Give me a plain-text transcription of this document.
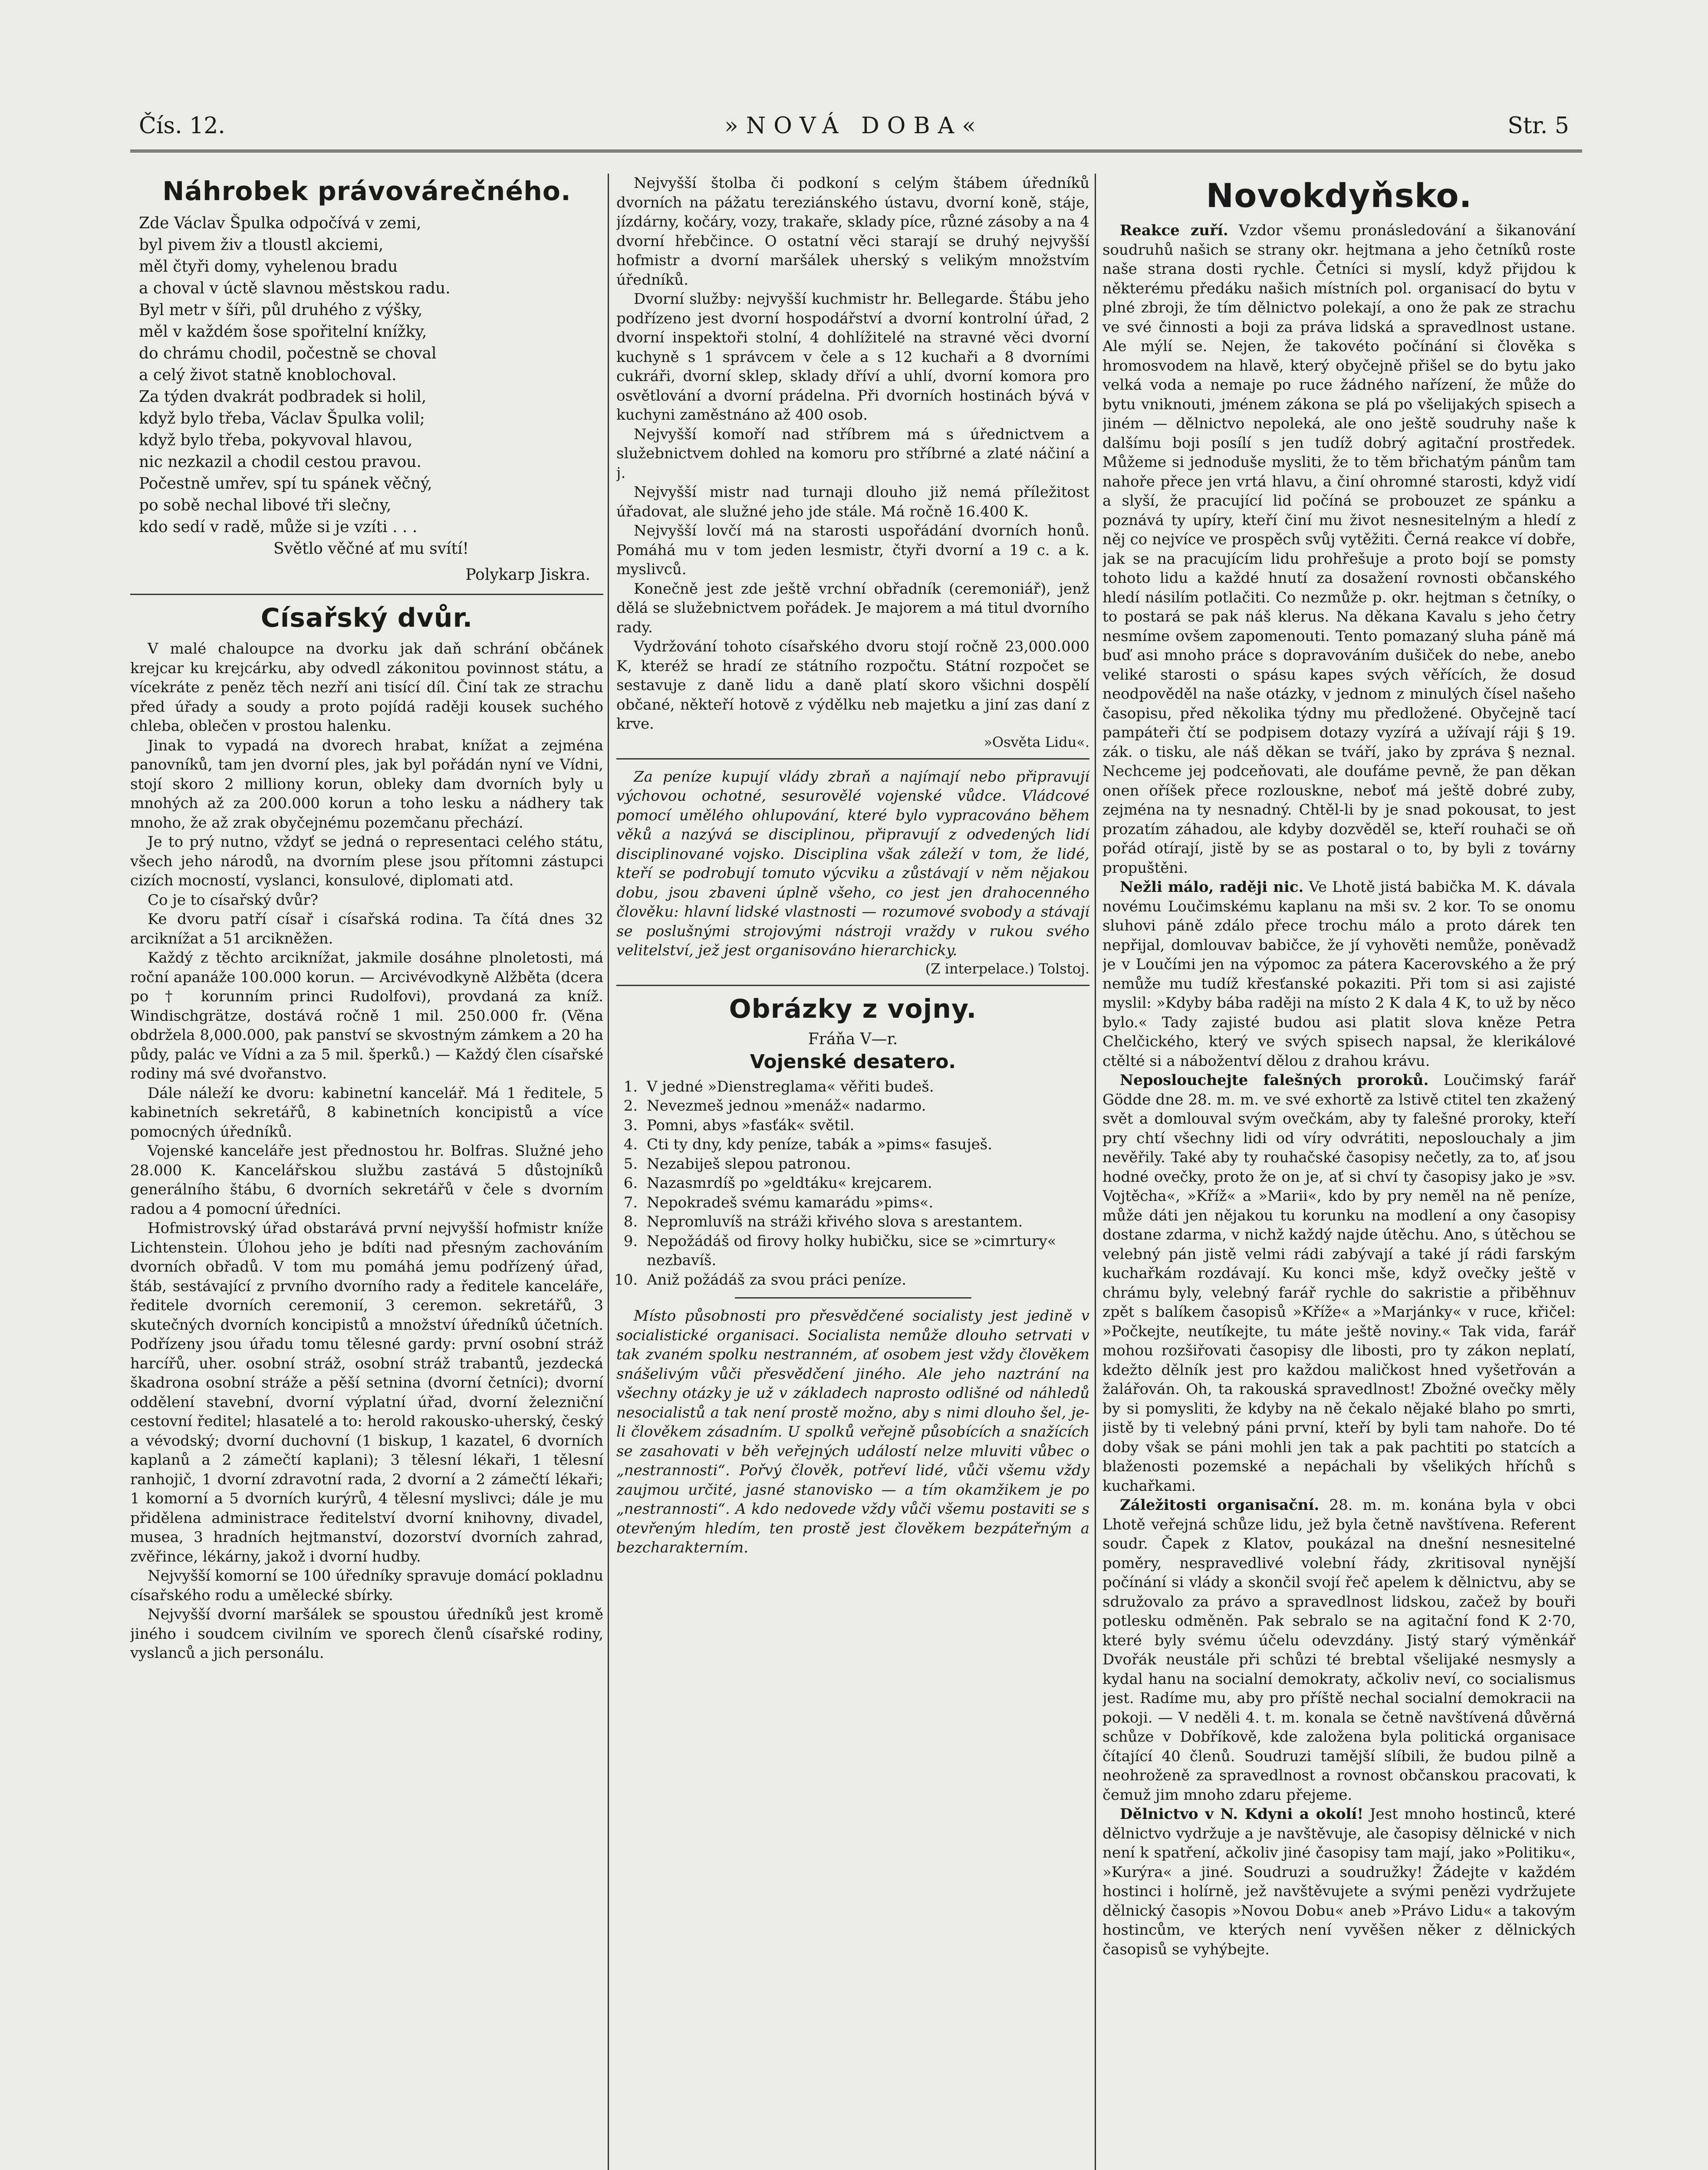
Čís. 12.	»NOVÁ DOBA«	Str. 5
Náhrobek právovárečného.
Zde Václav Špulka odpočívá v zemi,
byl pivem živ a tloustl akciemi,
měl čtyři domy, vyhelenou bradu
a choval v úctě slavnou městskou radu.
Byl metr v šíři, půl druhého z výšky,
měl v každém šose spořitelní knížky,
do chrámu chodil, počestně se choval
a celý život statně knoblochoval.
Za týden dvakrát podbradek si holil,
když bylo třeba, Václav Špulka volil;
když bylo třeba, pokyvoval hlavou,
nic nezkazil a chodil cestou pravou.
Počestně umřev, spí tu spánek věčný,
po sobě nechal libové tři slečny,
kdo sedí v radě, může si je vzíti . . .
Světlo věčné ať mu svítí!
Polykarp Jiskra.
Císařský dvůr.

V malé chaloupce na dvorku jak daň schrání občánek krejcar ku krejcárku, aby odvedl zákonitou povinnost státu, a vícekráte z peněz těch nezří ani tisící díl. Činí tak ze strachu před úřady a soudy a proto pojídá raději kousek suchého chleba, oblečen v prostou halenku.

Jinak to vypadá na dvorech hrabat, knížat a zejména panovníků, tam jen dvorní ples, jak byl pořádán nyní ve Vídni, stojí skoro 2 milliony korun, obleky dam dvorních byly u mnohých až za 200.000 korun a toho lesku a nádhery tak mnoho, že až zrak obyčejnému pozemčanu přechází.

Je to prý nutno, vždyť se jedná o representaci celého státu, všech jeho národů, na dvorním plese jsou přítomni zástupci cizích mocností, vyslanci, konsulové, diplomati atd.

Co je to císařský dvůr?

Ke dvoru patří císař i císařská rodina. Ta čítá dnes 32 arciknížat a 51 arcikněžen.

Každý z těchto arciknížat, jakmile dosáhne plnoletosti, má roční apanáže 100.000 korun. — Arcivévodkyně Alžběta (dcera po † korunním princi Rudolfovi), provdaná za kníž. Windischgrätze, dostává ročně 1 mil. 250.000 fr. (Věna obdržela 8,000.000, pak panství se skvostným zámkem a 20 ha půdy, palác ve Vídni a za 5 mil. šperků.) — Každý člen císařské rodiny má své dvořanstvo.

Dále náleží ke dvoru: kabinetní kancelář. Má 1 ředitele, 5 kabinetních sekretářů, 8 kabinetních koncipistů a více pomocných úředníků.

Vojenské kanceláře jest přednostou hr. Bolfras. Služné jeho 28.000 K. Kancelářskou službu zastává 5 důstojníků generálního štábu, 6 dvorních sekretářů v čele s dvorním radou a 4 pomocní úředníci.

Hofmistrovský úřad obstarává první nejvyšší hofmistr kníže Lichtenstein. Úlohou jeho je bdíti nad přesným zachováním dvorních obřadů. V tom mu pomáhá jemu podřízený úřad, štáb, sestávající z prvního dvorního rady a ředitele kanceláře, ředitele dvorních ceremonií, 3 ceremon. sekretářů, 3 skutečných dvorních koncipistů a množství úředníků účetních. Podřízeny jsou úřadu tomu tělesné gardy: první osobní stráž harcířů, uher. osobní stráž, osobní stráž trabantů, jezdecká škadrona osobní stráže a pěší setnina (dvorní četníci); dvorní oddělení stavební, dvorní výplatní úřad, dvorní železniční cestovní ředitel; hlasatelé a to: herold rakousko-uherský, český a vévodský; dvorní duchovní (1 biskup, 1 kazatel, 6 dvorních kaplanů a 2 zámečtí kaplani); 3 tělesní lékaři, 1 tělesní ranhojič, 1 dvorní zdravotní rada, 2 dvorní a 2 zámečtí lékaři; 1 komorní a 5 dvorních kurýrů, 4 tělesní myslivci; dále je mu přidělena administrace ředitelství dvorní knihovny, divadel, musea, 3 hradních hejtmanství, dozorství dvorních zahrad, zvěřince, lékárny, jakož i dvorní hudby.

Nejvyšší komorní se 100 úředníky spravuje domácí pokladnu císařského rodu a umělecké sbírky.

Nejvyšší dvorní maršálek se spoustou úředníků jest kromě jiného i soudcem civilním ve sporech členů císařské rodiny, vyslanců a jich personálu.

Nejvyšší štolba či podkoní s celým štábem úředníků dvorních na pážatu tereziánského ústavu, dvorní koně, stáje, jízdárny, kočáry, vozy, trakaře, sklady píce, různé zásoby a na 4 dvorní hřebčince. O ostatní věci starají se druhý nejvyšší hofmistr a dvorní maršálek uherský s velikým množstvím úředníků.

Dvorní služby: nejvyšší kuchmistr hr. Bellegarde. Štábu jeho podřízeno jest dvorní hospodářství a dvorní kontrolní úřad, 2 dvorní inspektoři stolní, 4 dohlížitelé na stravné věci dvorní kuchyně s 1 správcem v čele a s 12 kuchaři a 8 dvorními cukráři, dvorní sklep, sklady dříví a uhlí, dvorní komora pro osvětlování a dvorní prádelna. Při dvorních hostinách bývá v kuchyni zaměstnáno až 400 osob.

Nejvyšší komoří nad stříbrem má s úřednictvem a služebnictvem dohled na komoru pro stříbrné a zlaté náčiní a j.

Nejvyšší mistr nad turnaji dlouho již nemá příležitost úřadovat, ale služné jeho jde stále. Má ročně 16.400 K.

Nejvyšší lovčí má na starosti uspořádání dvorních honů. Pomáhá mu v tom jeden lesmistr, čtyři dvorní a 19 c. a k. myslivců.

Konečně jest zde ještě vrchní obřadník (ceremoniář), jenž dělá se služebnictvem pořádek. Je majorem a má titul dvorního rady.

Vydržování tohoto císařského dvoru stojí ročně 23,000.000 K, kteréž se hradí ze státního rozpočtu. Státní rozpočet se sestavuje z daně lidu a daně platí skoro všichni dospělí občané, někteří hotově z výdělku neb majetku a jiní zas daní z krve.

»Osvěta Lidu«.

Za peníze kupují vlády zbraň a najímají nebo připravují výchovou ochotné, sesurovělé vojenské vůdce. Vládcové pomocí umělého ohlupování, které bylo vypracováno během věků a nazývá se disciplinou, připravují z odvedených lidí disciplinované vojsko. Disciplina však záleží v tom, že lidé, kteří se podrobují tomuto výcviku a zůstávají v něm nějakou dobu, jsou zbaveni úplně všeho, co jest jen drahocenného člověku: hlavní lidské vlastnosti — rozumové svobody a stávají se poslušnými strojovými nástroji vraždy v rukou svého velitelství, jež jest organisováno hierarchicky.

(Z interpelace.) Tolstoj.
Obrázky z vojny.
Fráňa V—r.
Vojenské desatero.
1. V jedné »Dienstreglama« věřiti budeš.
2. Nevezmeš jednou »menáž« nadarmo.
3. Pomni, abys »fasťák« světil.
4. Cti ty dny, kdy peníze, tabák a »pims« fasuješ.
5. Nezabiješ slepou patronou.
6. Nazasmrdíš po »geldtáku« krejcarem.
7. Nepokradeš svému kamarádu »pims«.
8. Nepromluvíš na stráži křivého slova s arestantem.
9. Nepožádáš od firovy holky hubičku, sice se »cimrtury« nezbavíš.
10. Aniž požádáš za svou práci peníze.

Místo působnosti pro přesvědčené socialisty jest jedině v socialistické organisaci. Socialista nemůže dlouho setrvati v tak zvaném spolku nestranném, ať osobem jest vždy člověkem snášelivým vůči přesvědčení jiného. Ale jeho naztrání na všechny otázky je už v základech naprosto odlišné od náhledů nesocialistů a tak není prostě možno, aby s nimi dlouho šel, je-li člověkem zásadním. U spolků veřejně působících a snažících se zasahovati v běh veřejných událostí nelze mluviti vůbec o „nestrannosti“. Pořvý člověk, potřeví lidé, vůči všemu vždy zaujmou určité, jasné stanovisko — a tím okamžikem je po „nestrannosti“. A kdo nedovede vždy vůči všemu postaviti se s otevřeným hledím, ten prostě jest člověkem bezpáteřným a bezcharakterním.

Novokdyňsko.

Reakce zuří. Vzdor všemu pronásledování a šikanování soudruhů našich se strany okr. hejtmana a jeho četníků roste naše strana dosti rychle. Četníci si myslí, když přijdou k některému předáku našich místních pol. organisací do bytu v plné zbroji, že tím dělnictvo polekají, a ono že pak ze strachu ve své činnosti a boji za práva lidská a spravedlnost ustane. Ale mýlí se. Nejen, že takovéto počínání si člověka s hromosvodem na hlavě, který obyčejně přišel se do bytu jako velká voda a nemaje po ruce žádného nařízení, že může do bytu vniknouti, jménem zákona se plá po všelijakých spisech a jiném — dělnictvo nepoleká, ale ono ještě soudruhy naše k dalšímu boji posílí s jen tudíž dobrý agitační prostředek. Můžeme si jednoduše mysliti, že to těm břichatým pánům tam nahoře přece jen vrtá hlavu, a činí ohromné starosti, když vidí a slyší, že pracující lid počíná se probouzet ze spánku a poznává ty upíry, kteří činí mu život nesnesitelným a hledí z něj co nejvíce ve prospěch svůj vytěžiti. Černá reakce ví dobře, jak se na pracujícím lidu prohřešuje a proto bojí se pomsty tohoto lidu a každé hnutí za dosažení rovnosti občanského hledí násilím potlačiti. Co nezmůže p. okr. hejtman s četníky, o to postará se pak náš klerus. Na děkana Kavalu s jeho četry nesmíme ovšem zapomenouti. Tento pomazaný sluha páně má buď asi mnoho práce s dopravováním dušiček do nebe, anebo veliké starosti o spásu kapes svých věřících, že dosud neodpověděl na naše otázky, v jednom z minulých čísel našeho časopisu, před několika týdny mu předložené. Obyčejně tací pampáteři čtí se podpisem dotazy vyzírá a užívají ráji § 19. zák. o tisku, ale náš děkan se tváří, jako by zpráva § neznal. Nechceme jej podceňovati, ale doufáme pevně, že pan děkan onen oříšek přece rozlouskne, neboť má ještě dobré zuby, zejména na ty nesnadný. Chtěl-li by je snad pokousat, to jest prozatím záhadou, ale kdyby dozvěděl se, kteří rouhači se oň pořád otírají, jistě by se as postaral o to, by byli z továrny propuštěni.

Nežli málo, raději nic. Ve Lhotě jistá babička M. K. dávala novému Loučimskému kaplanu na mši sv. 2 kor. To se onomu sluhovi páně zdálo přece trochu málo a proto dárek ten nepřijal, domlouvav babičce, že jí vyhověti nemůže, poněvadž je v Loučími jen na výpomoc za pátera Kacerovského a že prý nemůže mu tudíž křesťanské pokaziti. Při tom si asi zajisté myslil: »Kdyby bába raději na místo 2 K dala 4 K, to už by něco bylo.« Tady zajisté budou asi platit slova kněze Petra Chelčického, který ve svých spisech napsal, že klerikálové ctělté si a nábožentví dělou z drahou krávu.

Neposlouchejte falešných proroků. Loučimský farář Gödde dne 28. m. m. ve své exhortě za lstivě ctitel ten zkažený svět a domlouval svým ovečkám, aby ty falešné proroky, kteří pry chtí všechny lidi od víry odvrátiti, neposlouchaly a jim nevěřily. Také aby ty rouhačské časopisy nečetly, za to, ať jsou hodné ovečky, proto že on je, ať si chví ty časopisy jako je »sv. Vojtěcha«, »Kříž« a »Marii«, kdo by pry neměl na ně peníze, může dáti jen nějakou tu korunku na modlení a ony časopisy dostane zdarma, v nichž každý najde útěchu. Ano, s útěchou se velebný pán jistě velmi rádi zabývají a také jí rádi farským kuchařkám rozdávají. Ku konci mše, když ovečky ještě v chrámu byly, velebný farář rychle do sakristie a přiběhnuv zpět s balíkem časopisů »Kříže« a »Marjánky« v ruce, křičel: »Počkejte, neutíkejte, tu máte ještě noviny.« Tak vida, farář mohou rozšiřovati časopisy dle libosti, pro ty zákon neplatí, kdežto dělník jest pro každou maličkost hned vyšetřován a žalářován. Oh, ta rakouská spravedlnost! Zbožné ovečky měly by si pomysliti, že kdyby na ně čekalo nějaké blaho po smrti, jistě by ti velebný páni první, kteří by byli tam nahoře. Do té doby však se páni mohli jen tak a pak pachtiti po statcích a blaženosti pozemské a nepáchali by všelikých hříchů s kuchařkami.

Záležitosti organisační. 28. m. m. konána byla v obci Lhotě veřejná schůze lidu, jež byla četně navštívena. Referent soudr. Čapek z Klatov, poukázal na dnešní nesnesitelné poměry, nespravedlivé volební řády, zkritisoval nynější počínání si vlády a skončil svojí řeč apelem k dělnictvu, aby se sdružovalo za právo a spravedlnost lidskou, začež by bouři potlesku odměněn. Pak sebralo se na agitační fond K 2·70, které byly svému účelu odevzdány. Jistý starý výměnkář Dvořák neustále při schůzi té brebtal všelijaké nesmysly a kydal hanu na socialní demokraty, ačkoliv neví, co socialismus jest. Radíme mu, aby pro příště nechal socialní demokracii na pokoji. — V neděli 4. t. m. konala se četně navštívená důvěrná schůze v Dobříkově, kde založena byla politická organisace čítající 40 členů. Soudruzi tamější slíbili, že budou pilně a neohroženě za spravedlnost a rovnost občanskou pracovati, k čemuž jim mnoho zdaru přejeme.

Dělnictvo v N. Kdyni a okolí! Jest mnoho hostinců, které dělnictvo vydržuje a je navštěvuje, ale časopisy dělnické v nich není k spatření, ačkoliv jiné časopisy tam mají, jako »Politiku«, »Kurýra« a jiné. Soudruzi a soudružky! Žádejte v každém hostinci i holírně, jež navštěvujete a svými penězi vydržujete dělnický časopis »Novou Dobu« aneb »Právo Lidu« a takovým hostincům, ve kterých není vyvěšen něker z dělnických časopisů se vyhýbejte.
